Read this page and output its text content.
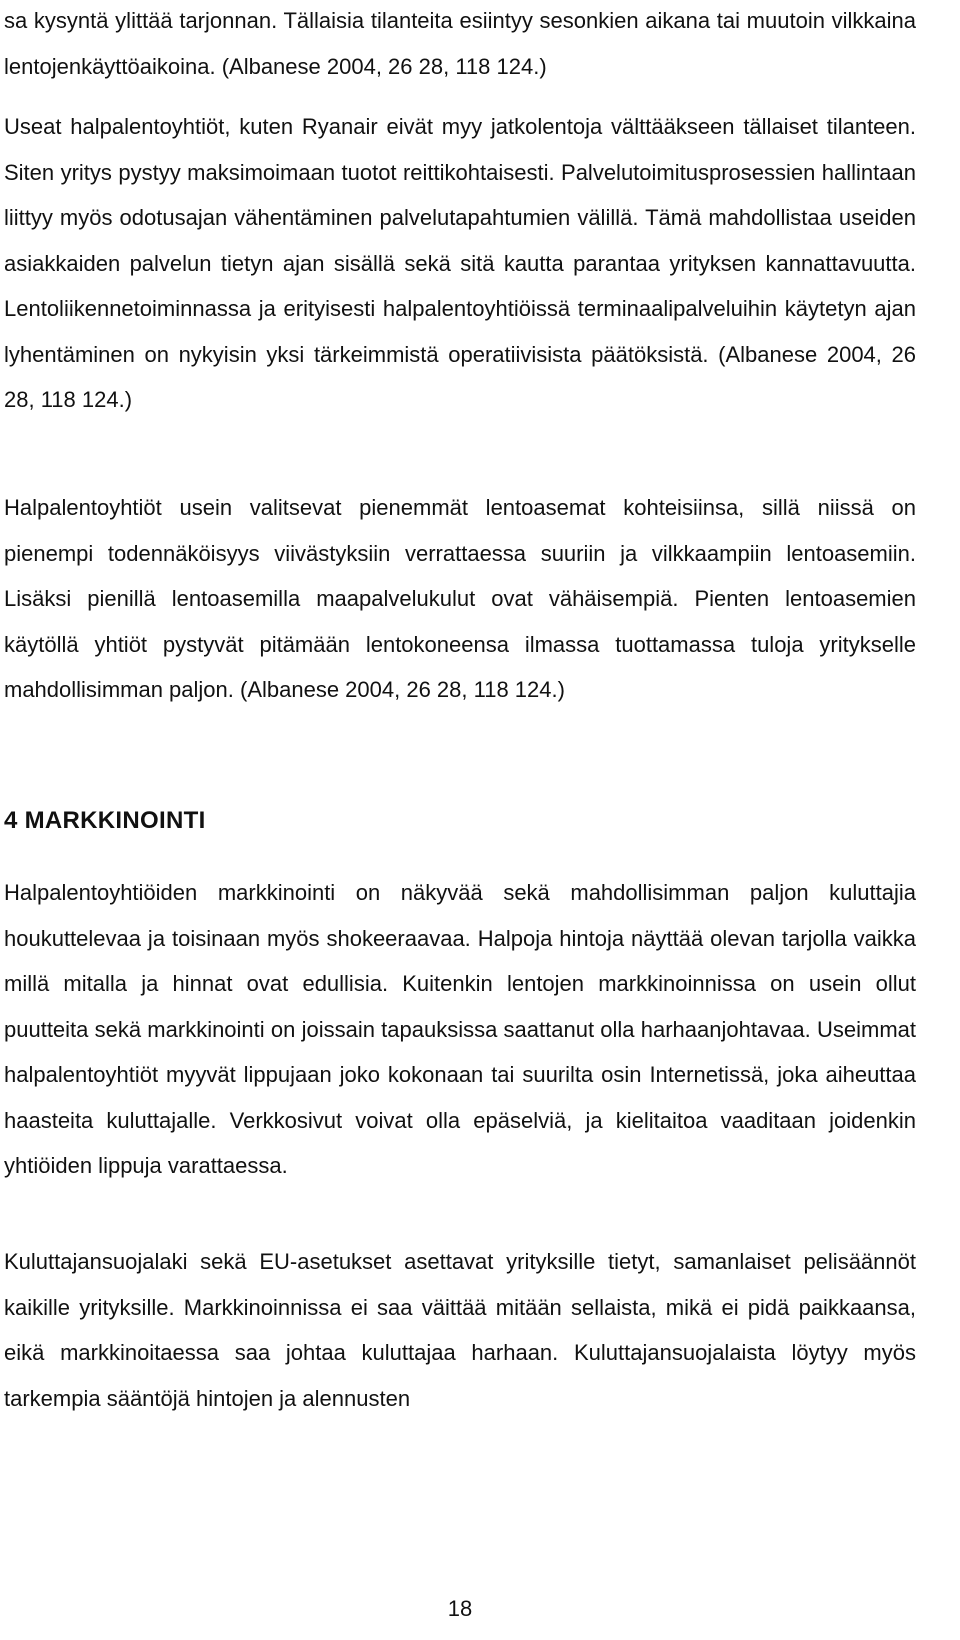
sa kysyntä ylittää tarjonnan. Tällaisia tilanteita esiintyy sesonkien aikana tai muutoin vilkkaina lentojenkäyttöaikoina. (Albanese 2004, 26 28, 118 124.)

Useat halpalentoyhtiöt, kuten Ryanair eivät myy jatkolentoja välttääkseen tällaiset tilanteen. Siten yritys pystyy maksimoimaan tuotot reittikohtaisesti. Palvelutoimitusprosessien hallintaan liittyy myös odotusajan vähentäminen palvelutapahtumien välillä. Tämä mahdollistaa useiden asiakkaiden palvelun tietyn ajan sisällä sekä sitä kautta parantaa yrityksen kannattavuutta. Lentoliikennetoiminnassa ja erityisesti halpalentoyhtiöissä terminaalipalveluihin käytetyn ajan lyhentäminen on nykyisin yksi tärkeimmistä operatiivisista päätöksistä. (Albanese 2004, 26 28, 118 124.)

Halpalentoyhtiöt usein valitsevat pienemmät lentoasemat kohteisiinsa, sillä niissä on pienempi todennäköisyys viivästyksiin verrattaessa suuriin ja vilkkaampiin lentoasemiin. Lisäksi pienillä lentoasemilla maapalvelukulut ovat vähäisempiä. Pienten lentoasemien käytöllä yhtiöt pystyvät pitämään lentokoneensa ilmassa tuottamassa tuloja yritykselle mahdollisimman paljon. (Albanese 2004, 26 28, 118 124.)

4 MARKKINOINTI

Halpalentoyhtiöiden markkinointi on näkyvää sekä mahdollisimman paljon kuluttajia houkuttelevaa ja toisinaan myös shokeeraavaa. Halpoja hintoja näyttää olevan tarjolla vaikka millä mitalla ja hinnat ovat edullisia. Kuitenkin lentojen markkinoinnissa on usein ollut puutteita sekä markkinointi on joissain tapauksissa saattanut olla harhaanjohtavaa. Useimmat halpalentoyhtiöt myyvät lippujaan joko kokonaan tai suurilta osin Internetissä, joka aiheuttaa haasteita kuluttajalle. Verkkosivut voivat olla epäselviä, ja kielitaitoa vaaditaan joidenkin yhtiöiden lippuja varattaessa.

Kuluttajansuojalaki sekä EU-asetukset asettavat yrityksille tietyt, samanlaiset pelisäännöt kaikille yrityksille. Markkinoinnissa ei saa väittää mitään sellaista, mikä ei pidä paikkaansa, eikä markkinoitaessa saa johtaa kuluttajaa harhaan. Kuluttajansuojalaista löytyy myös tarkempia sääntöjä hintojen ja alennusten

18
